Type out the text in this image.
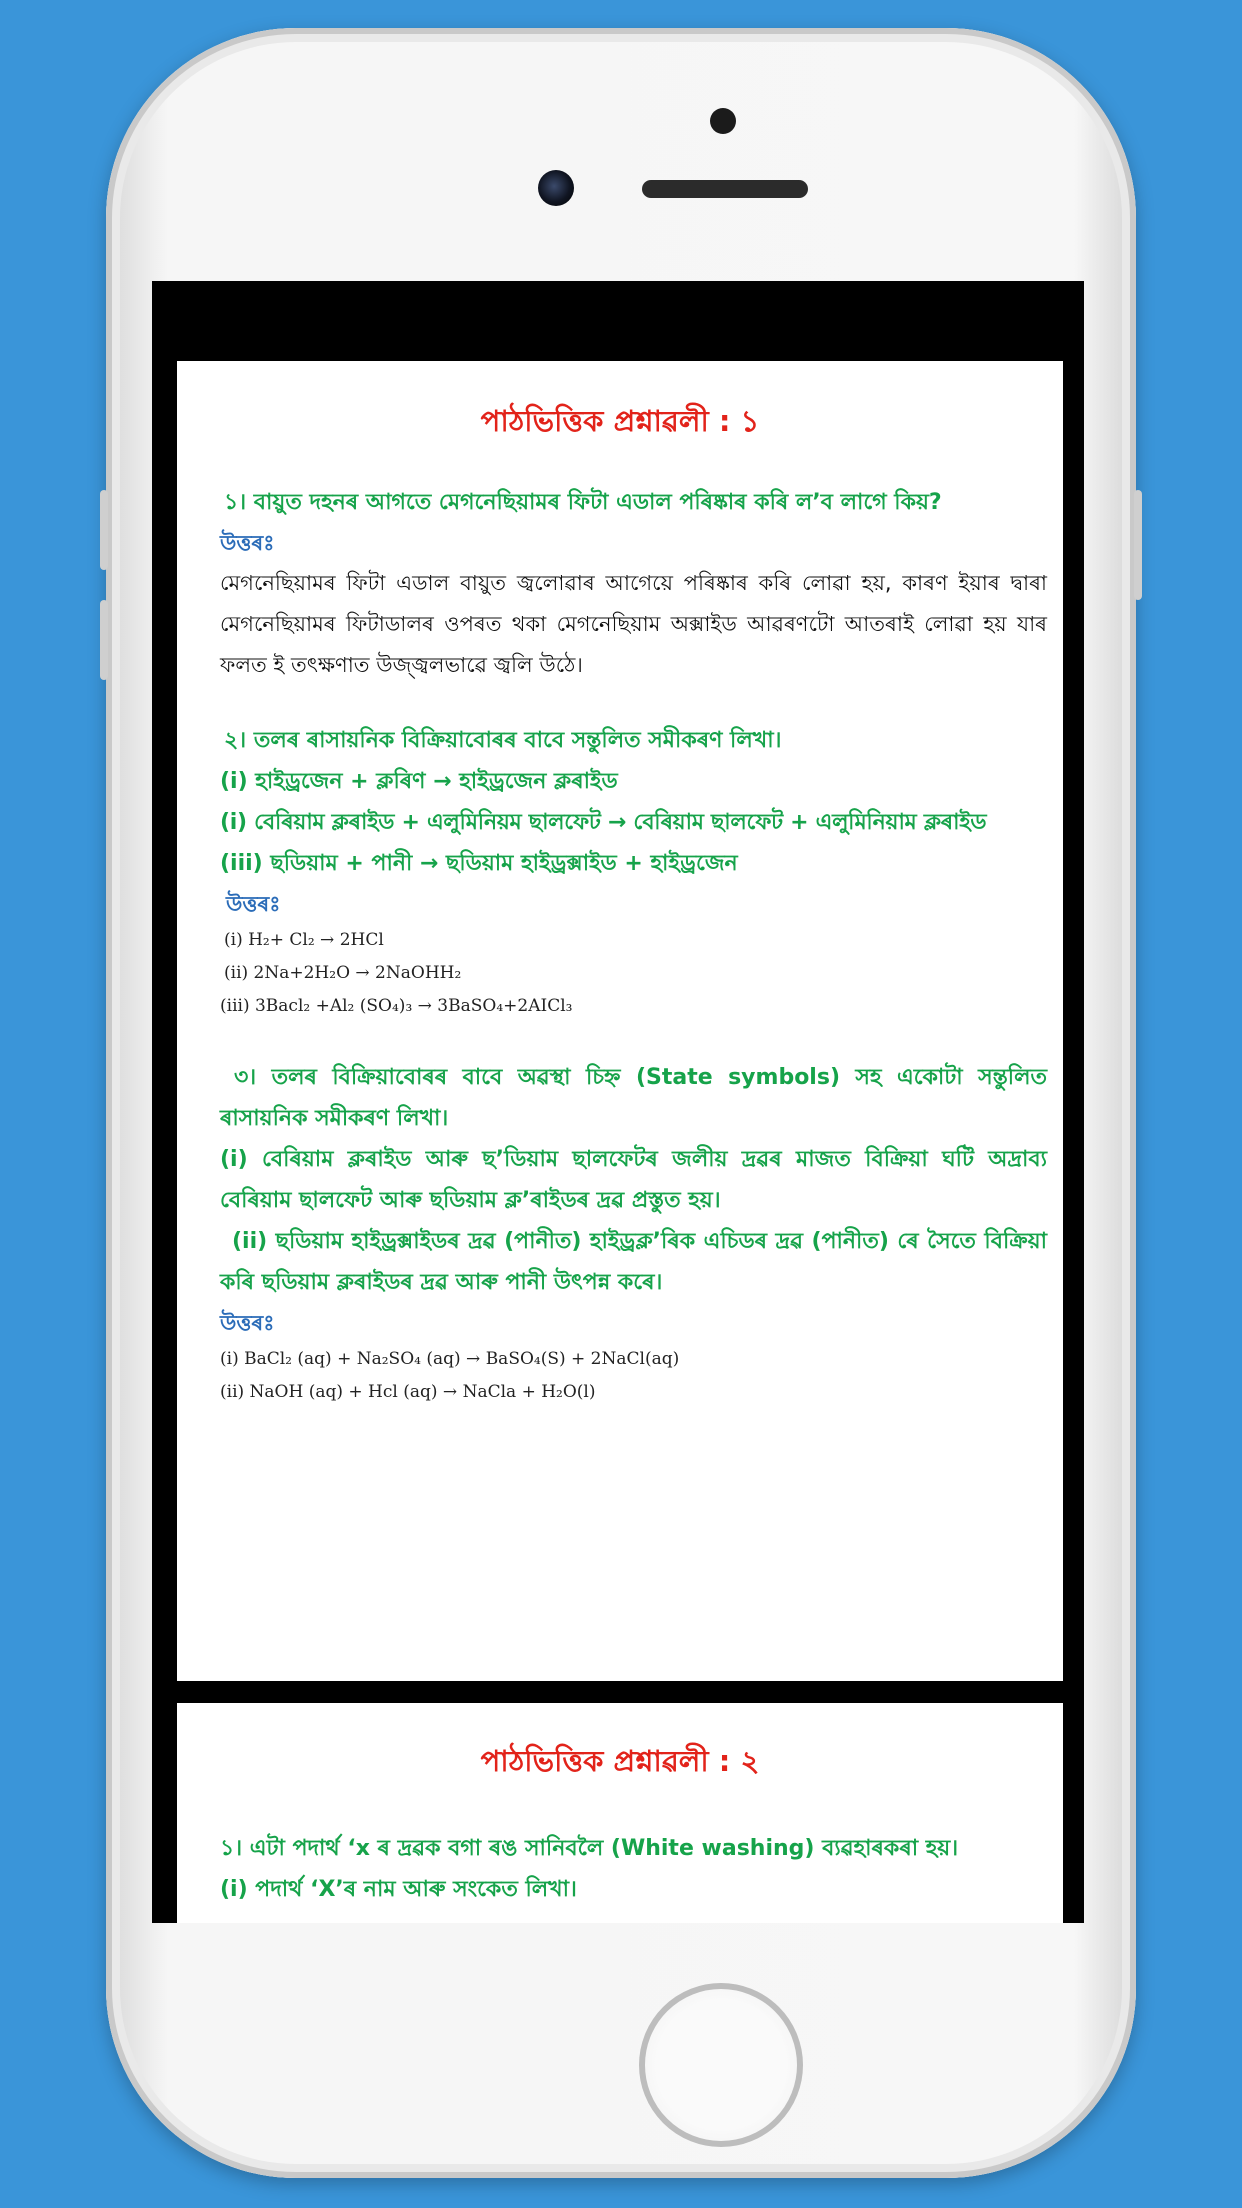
পাঠভিত্তিক প্ৰশ্নাৱলী : ১
১। বায়ুত দহনৰ আগতে মেগনেছিয়ামৰ ফিটা এডাল পৰিষ্কাৰ কৰি ল’ব লাগে কিয়?
উত্তৰঃ
মেগনেছিয়ামৰ ফিটা এডাল বায়ুত জ্বলোৱাৰ আগেয়ে পৰিষ্কাৰ কৰি লোৱা হয়, কাৰণ ইয়াৰ দ্বাৰা মেগনেছিয়ামৰ ফিটাডালৰ ওপৰত থকা মেগনেছিয়াম অক্সাইড আৱৰণটো আতৰাই লোৱা হয় যাৰ ফলত ই তৎক্ষণাত উজ্জ্বলভাৱে জ্বলি উঠে।
২। তলৰ ৰাসায়নিক বিক্ৰিয়াবোৰৰ বাবে সন্তুলিত সমীকৰণ লিখা।
(i) হাইড্ৰজেন + ক্লৰিণ → হাইড্ৰজেন ক্লৰাইড
(i) বেৰিয়াম ক্লৰাইড + এলুমিনিয়ম ছালফেট → বেৰিয়াম ছালফেট + এলুমিনিয়াম ক্লৰাইড
(iii) ছডিয়াম + পানী → ছডিয়াম হাইড্ৰক্সাইড + হাইড্ৰজেন
উত্তৰঃ
(i) H₂+ Cl₂ → 2HCl
(ii) 2Na+2H₂O → 2NaOHH₂
(iii) 3Bacl₂ +Al₂ (SO₄)₃ → 3BaSO₄+2AICl₃
৩। তলৰ বিক্ৰিয়াবোৰৰ বাবে অৱস্থা চিহ্ন (State symbols) সহ একোটা সন্তুলিত ৰাসায়নিক সমীকৰণ লিখা।
(i) বেৰিয়াম ক্লৰাইড আৰু ছ’ডিয়াম ছালফেটৰ জলীয় দ্ৰৱৰ মাজত বিক্ৰিয়া ঘটি অদ্ৰাব্য বেৰিয়াম ছালফেট আৰু ছডিয়াম ক্ল’ৰাইডৰ দ্ৰৱ প্ৰস্তুত হয়।
(ii) ছডিয়াম হাইড্ৰক্সাইডৰ দ্ৰৱ (পানীত) হাইড্ৰক্ল’ৰিক এচিডৰ দ্ৰৱ (পানীত) ৰে সৈতে বিক্ৰিয়া কৰি ছডিয়াম ক্লৰাইডৰ দ্ৰৱ আৰু পানী উৎপন্ন কৰে।
উত্তৰঃ
(i) BaCl₂ (aq) + Na₂SO₄ (aq) → BaSO₄(S) + 2NaCl(aq)
(ii) NaOH (aq) + Hcl (aq) → NaCla + H₂O(l)
পাঠভিত্তিক প্ৰশ্নাৱলী : ২
১। এটা পদাৰ্থ ‘x ৰ দ্ৰৱক বগা ৰঙ সানিবলৈ (White washing) ব্যৱহাৰকৰা হয়।
(i) পদাৰ্থ ‘X’ৰ নাম আৰু সংকেত লিখা।
